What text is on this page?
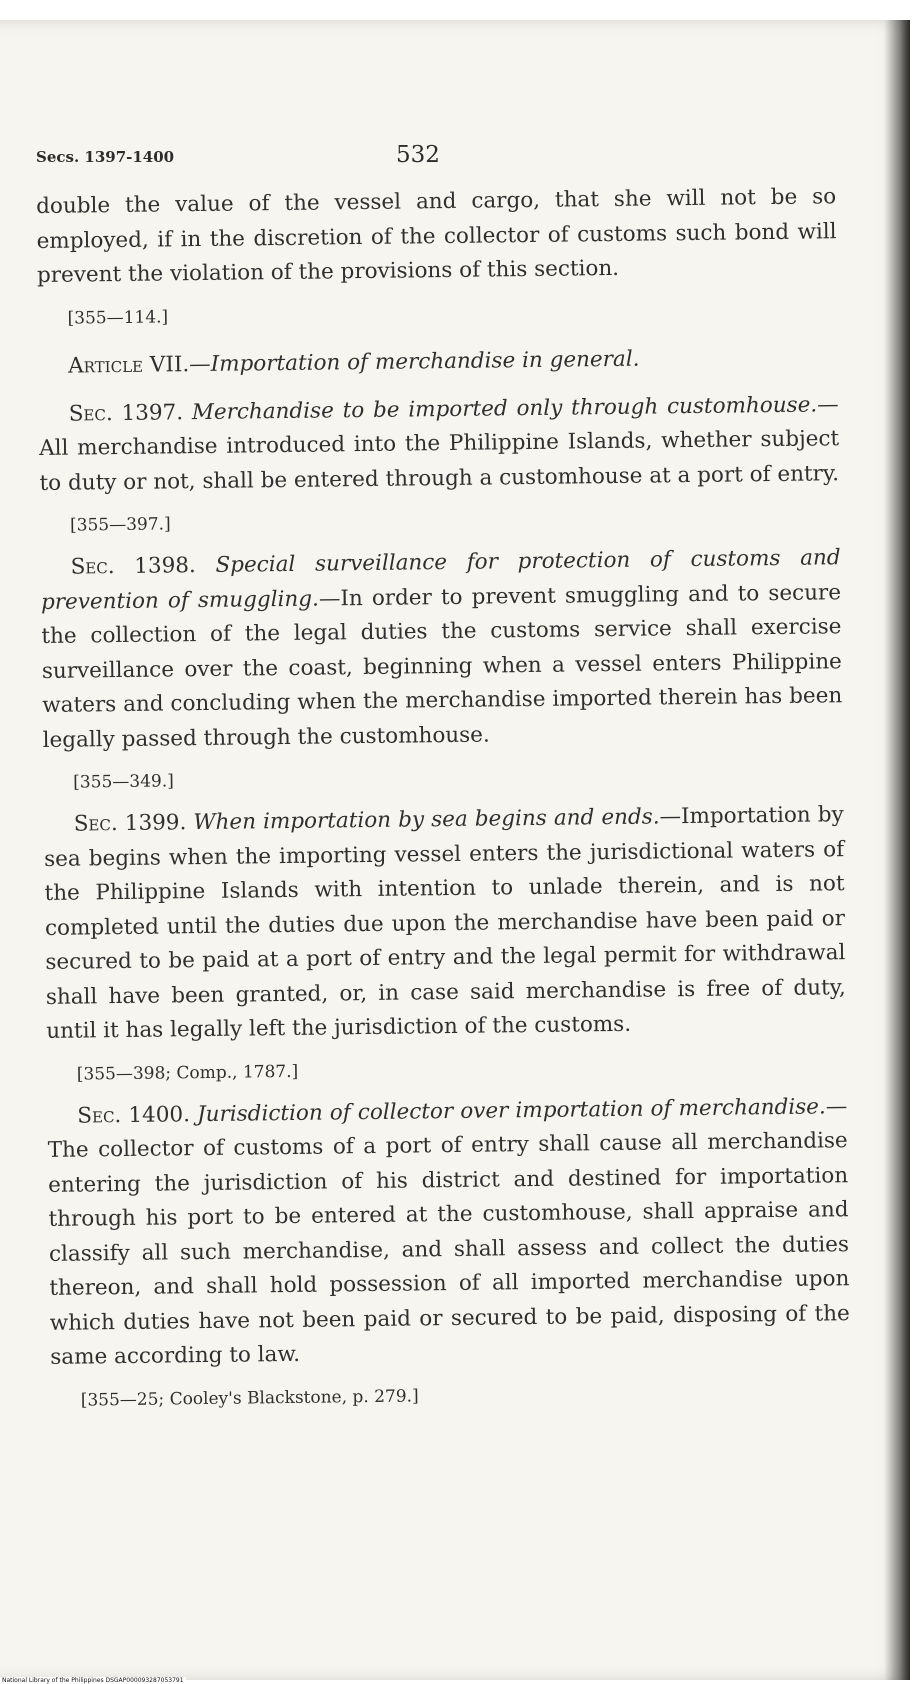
Secs. 1397-1400	532

double the value of the vessel and cargo, that she will not be so employed, if in the discretion of the collector of customs such bond will prevent the violation of the provisions of this section.

[355—114.]

Article VII.—Importation of merchandise in general.

Sec. 1397. Merchandise to be imported only through customhouse.—All merchandise introduced into the Philippine Islands, whether subject to duty or not, shall be entered through a customhouse at a port of entry.

[355—397.]

Sec. 1398. Special surveillance for protection of customs and prevention of smuggling.—In order to prevent smuggling and to secure the collection of the legal duties the customs service shall exercise surveillance over the coast, beginning when a vessel enters Philippine waters and concluding when the merchandise imported therein has been legally passed through the customhouse.

[355—349.]

Sec. 1399. When importation by sea begins and ends.—Importation by sea begins when the importing vessel enters the jurisdictional waters of the Philippine Islands with intention to unlade therein, and is not completed until the duties due upon the merchandise have been paid or secured to be paid at a port of entry and the legal permit for withdrawal shall have been granted, or, in case said merchandise is free of duty, until it has legally left the jurisdiction of the customs.

[355—398; Comp., 1787.]

Sec. 1400. Jurisdiction of collector over importation of merchandise.—The collector of customs of a port of entry shall cause all merchandise entering the jurisdiction of his district and destined for importation through his port to be entered at the customhouse, shall appraise and classify all such merchandise, and shall assess and collect the duties thereon, and shall hold possession of all imported merchandise upon which duties have not been paid or secured to be paid, disposing of the same according to law.

[355—25; Cooley's Blackstone, p. 279.]

National Library of the Philippines DSGAP000093287053791
